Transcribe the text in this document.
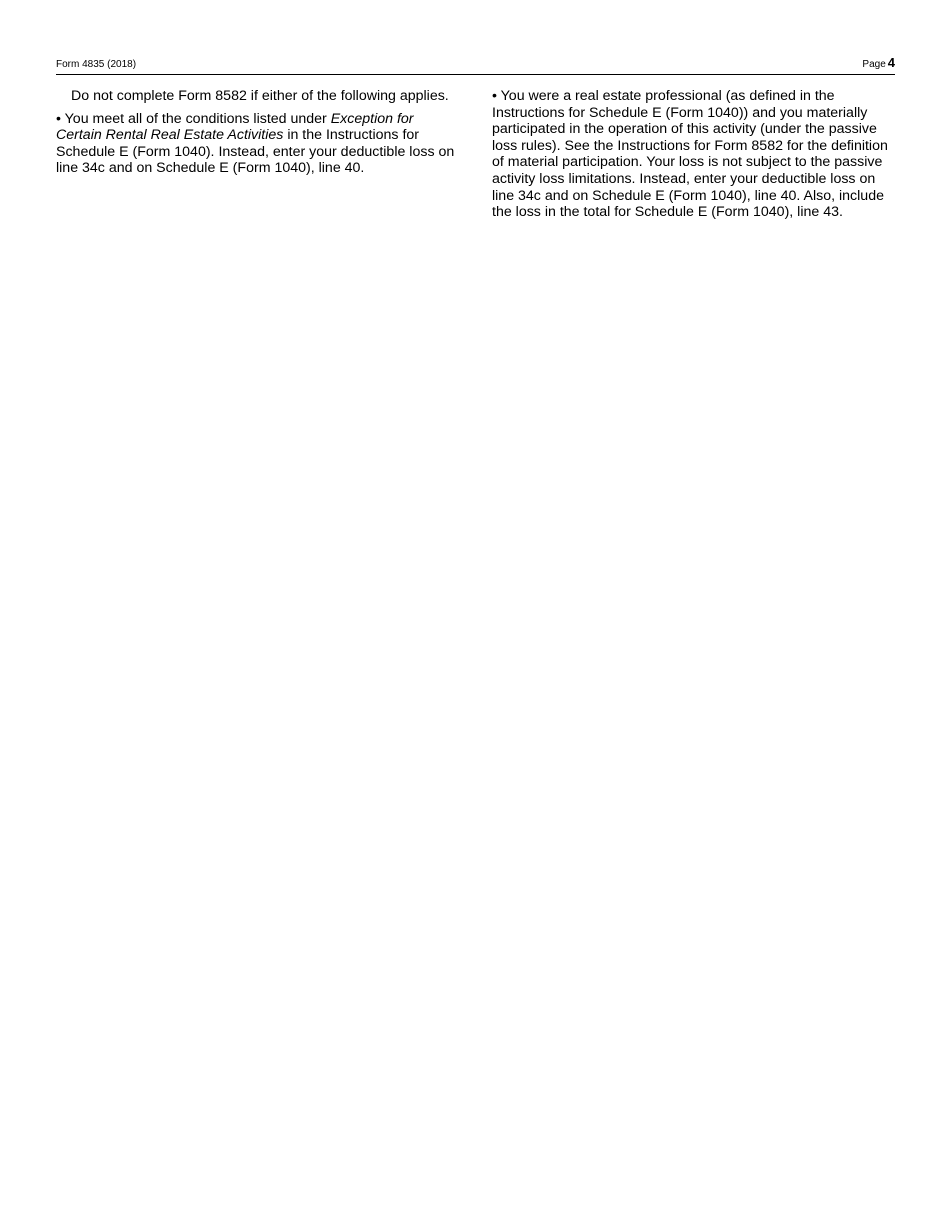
Form 4835 (2018)	Page 4

Do not complete Form 8582 if either of the following applies.

• You meet all of the conditions listed under Exception for Certain Rental Real Estate Activities in the Instructions for Schedule E (Form 1040). Instead, enter your deductible loss on line 34c and on Schedule E (Form 1040), line 40.

• You were a real estate professional (as defined in the Instructions for Schedule E (Form 1040)) and you materially participated in the operation of this activity (under the passive loss rules). See the Instructions for Form 8582 for the definition of material participation. Your loss is not subject to the passive activity loss limitations. Instead, enter your deductible loss on line 34c and on Schedule E (Form 1040), line 40. Also, include the loss in the total for Schedule E (Form 1040), line 43.
